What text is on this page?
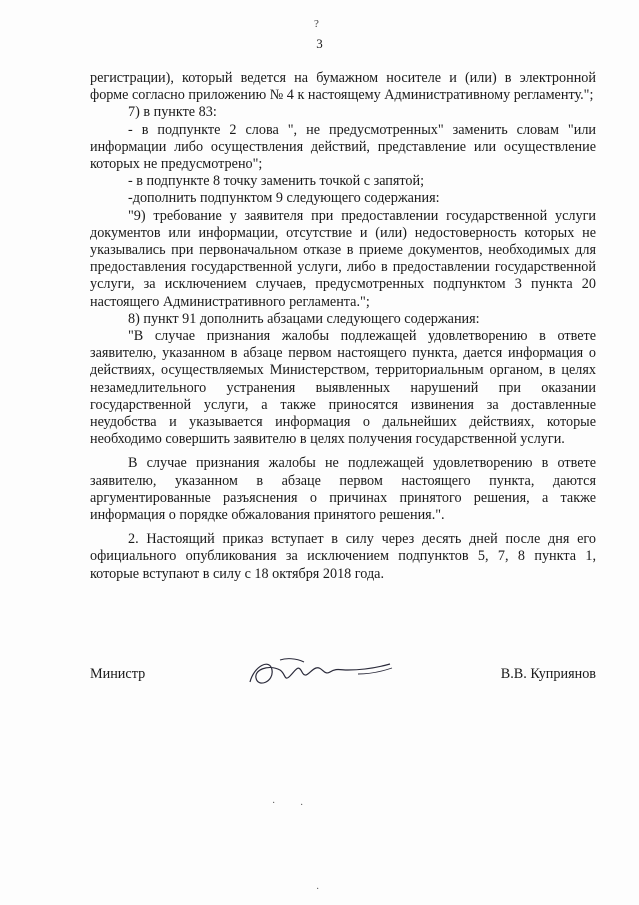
?
3

регистрации), который ведется на бумажном носителе и (или) в электронной форме согласно приложению № 4 к настоящему Административному регламенту.";

7) в пункте 83:

- в подпункте 2 слова ", не предусмотренных" заменить словам "или информации либо осуществления действий, представление или осуществление которых не предусмотрено";

- в подпункте 8 точку заменить точкой с запятой;

-дополнить подпунктом 9 следующего содержания:

"9) требование у заявителя при предоставлении государственной услуги документов или информации, отсутствие и (или) недостоверность которых не указывались при первоначальном отказе в приеме документов, необходимых для предоставления государственной услуги, либо в предоставлении государственной услуги, за исключением случаев, предусмотренных подпунктом 3 пункта 20 настоящего Административного регламента.";

8) пункт 91 дополнить абзацами следующего содержания:

"В случае признания жалобы подлежащей удовлетворению в ответе заявителю, указанном в абзаце первом настоящего пункта, дается информация о действиях, осуществляемых Министерством, территориальным органом, в целях незамедлительного устранения выявленных нарушений при оказании государственной услуги, а также приносятся извинения за доставленные неудобства и указывается информация о дальнейших действиях, которые необходимо совершить заявителю в целях получения государственной услуги.

В случае признания жалобы не подлежащей удовлетворению в ответе заявителю, указанном в абзаце первом настоящего пункта, даются аргументированные разъяснения о причинах принятого решения, а также информация о порядке обжалования принятого решения.".

2. Настоящий приказ вступает в силу через десять дней после дня его официального опубликования за исключением подпунктов 5, 7, 8 пункта 1, которые вступают в силу с 18 октября 2018 года.

Министр	В.В. Куприянов
· ·
·
